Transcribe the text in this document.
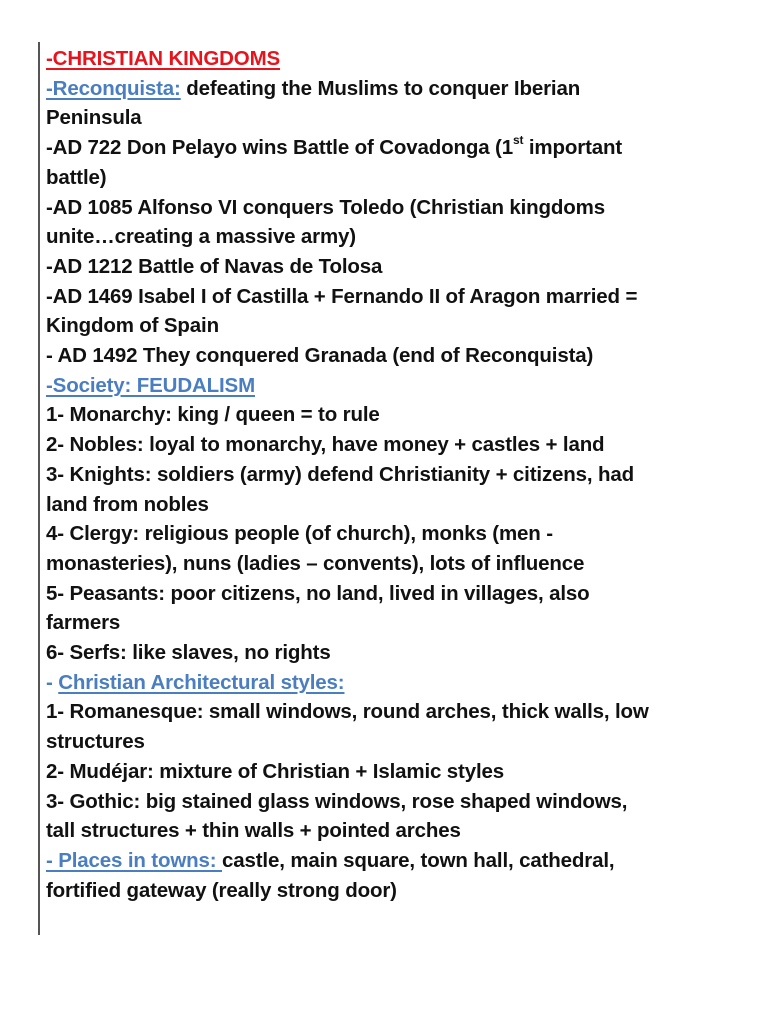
-CHRISTIAN KINGDOMS
-Reconquista: defeating the Muslims to conquer Iberian
Peninsula
-AD 722 Don Pelayo wins Battle of Covadonga (1st important
battle)
-AD 1085 Alfonso VI conquers Toledo (Christian kingdoms
unite…creating a massive army)
-AD 1212 Battle of Navas de Tolosa
-AD 1469 Isabel I of Castilla + Fernando II of Aragon married =
Kingdom of Spain
- AD 1492 They conquered Granada (end of Reconquista)
-Society: FEUDALISM
1- Monarchy: king / queen = to rule
2- Nobles: loyal to monarchy, have money + castles + land
3- Knights: soldiers (army) defend Christianity + citizens, had
land from nobles
4- Clergy: religious people (of church), monks (men -
monasteries), nuns (ladies – convents), lots of influence
5- Peasants: poor citizens, no land, lived in villages, also
farmers
6- Serfs: like slaves, no rights
- Christian Architectural styles:
1- Romanesque: small windows, round arches, thick walls, low
structures
2- Mudéjar: mixture of Christian + Islamic styles
3- Gothic: big stained glass windows, rose shaped windows,
tall structures + thin walls + pointed arches
- Places in towns: castle, main square, town hall, cathedral,
fortified gateway (really strong door)
